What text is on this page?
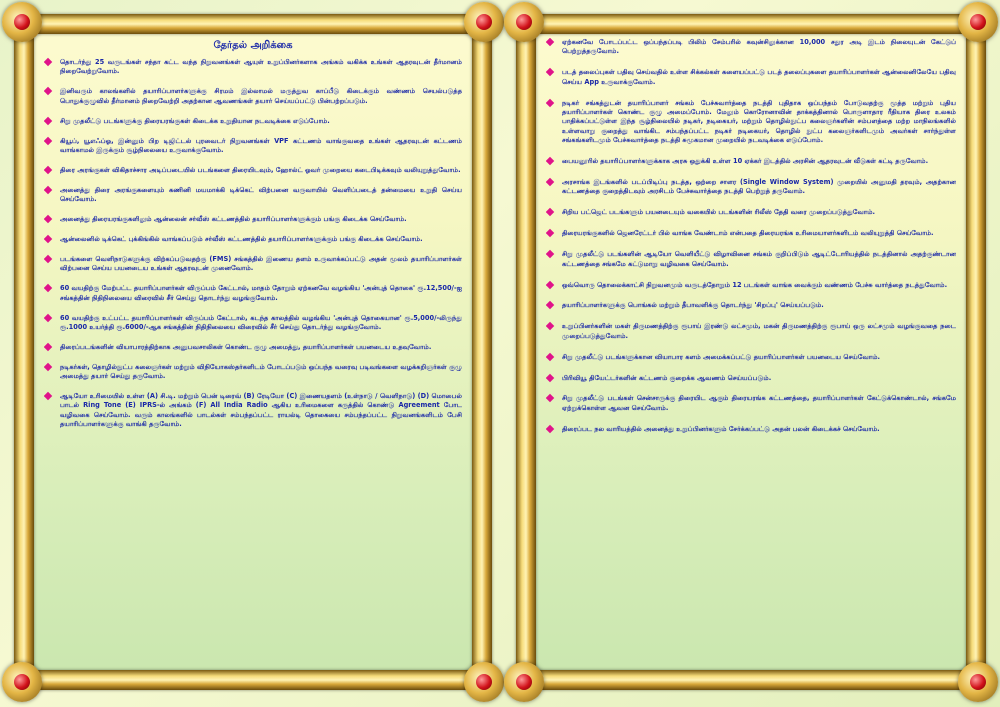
தேர்தல் அறிக்கை
தொடர்ந்து 25 வருடங்கள் சந்தா கட்ட வந்த நிறுவனங்கள் ஆயுள் உறுப்பினர்களாக அங்கம் வகிக்க உங்கள் ஆதரவுடன் தீர்மானம் நிறைவேற்றுவோம்.
இனிவரும் காலங்களில் தயாரிப்பாளர்களுக்கு சிரமம் இல்லாமல் மருத்துவ காப்பீடு கிடைக்கும் வண்ணம் செயல்படுத்த பொதுக்குழுவில் தீர்மானம் நிறைவேற்றி அதற்கான ஆவணங்கள் தயார் செய்யப்பட்டு பின்பற்றப்படும்.
சிறு முதலீட்டு படங்களுக்கு திரையரங்குகள் கிடைக்க உறுதியான நடவடிக்கை எடுப்போம்.
கியூப், யூஎஃப்ஓ, இன்னும் பிற டிஜிட்டல் புரவைடர் நிறுவனங்கள் VPF கட்டணம் வாங்குவதை உங்கள் ஆதரவுடன் கட்டணம் வாங்காமல் இருக்கும் சூழ்நிலையை உருவாக்குவோம்.
திரை அரங்குகள் விகிதாச்சார அடிப்படையில் படங்களை திரையிடவும், ஹோல்ட் ஓவர் முறையை கடைபிடிக்கவும் வலியுறுத்துவோம்.
அனைத்து திரை அரங்குகளையும் கணினி மயமாக்கி டிக்கெட் விற்பனை வருவாயில் வெளிப்படைத் தன்மையை உறுதி செய்ய செய்வோம்.
அனைத்து திரையரங்குகளிலும் ஆன்லைன் சர்வீஸ் கட்டணத்தில் தயாரிப்பாளர்களுக்கும் பங்கு கிடைக்க செய்வோம்.
ஆன்லைனில் டிக்கெட் புக்கிங்கில் வாங்கப்படும் சர்வீஸ் கட்டணத்தில் தயாரிப்பாளர்களுக்கும் பங்கு கிடைக்க செய்வோம்.
படங்களை வெளிநாடுகளுக்கு விற்கப்படுவதற்கு (FMS) சங்கத்தில் இணைய தளம் உருவாக்கப்பட்டு அதன் மூலம் தயாரிப்பாளர்கள் விற்பனை செய்ய பயனடைய உங்கள் ஆதரவுடன் முனைவோம்.
60 வயதிற்கு மேற்பட்ட தயாரிப்பாளர்கள் விருப்பம் கேட்டால், மாதம் தோறும் ஏற்கனவே வழங்கிய 'அன்புத் தொகை' ரூ.12,500/-ஐ சங்கத்தின் நிதிநிலையை விரைவில் சீர் செய்து தொடர்ந்து வழங்குவோம்.
60 வயதிற்கு உட்பட்ட தயாரிப்பாளர்கள் விருப்பம் கேட்டால், கடந்த காலத்தில் வழங்கிய 'அன்புத் தொகையான' ரூ.5,000/-லிருந்து ரூ.1000 உயர்த்தி ரூ.6000/-ஆக சங்கத்தின் நிதிநிலையை விரைவில் சீர் செய்து தொடர்ந்து வழங்குவோம்.
திரைப்படங்களின் வியாபாரத்திற்காக அனுபவசாலிகள் கொண்ட குழு அமைத்து, தயாரிப்பாளர்கள் பயனடைய உதவுவோம்.
நடிகர்கள், தொழில்நுட்ப கலைஞர்கள் மற்றும் விநியோகஸ்தர்களிடம் போடப்படும் ஒப்பந்த வரைவு படிவங்களை வழக்கறிஞர்கள் குழு அமைத்து தயார் செய்து தருவோம்.
ஆடியோ உரிமையில் உள்ள (A) சி.டி. மற்றும் பென் டிரைவ் (B) ரேடியோ (C) இணையதளம் (உள்நாடு / வெளிநாடு) (D) மொபைல் பாடல் Ring Tone (E) IPRS-ல் அங்கம் (F) All India Radio ஆகிய உரிமைகளை கருத்தில் கொண்டு Agreement போட வழிவகை செய்வோம். வரும் காலங்களில் பாடல்கள் சம்பந்தப்பட்ட ராயல்டி தொகையை சம்பந்தப்பட்ட நிறுவனங்களிடம் பேசி தயாரிப்பாளர்களுக்கு வாங்கி தருவோம்.
ஏற்கனவே போடப்பட்ட ஒப்பந்தப்படி பிலிம் சேம்பரில் கவுன்சிலுக்கான 10,000 சதுர அடி இடம் நிலையுடன் கேட்டுப் பெற்றுத்தருவோம்.
படத் தலைப்புகள் பதிவு செய்வதில் உள்ள சிக்கல்கள் களையப்பட்டு படத் தலைப்புகளை தயாரிப்பாளர்கள் ஆன்லைனிலேயே பதிவு செய்ய App உருவாக்குவோம்.
நடிகர் சங்கத்துடன் தயாரிப்பாளர் சங்கம் பேச்சுவார்த்தை நடத்தி புதிதாக ஒப்பந்தம் போடுவதற்கு மூத்த மற்றும் புதிய தயாரிப்பாளர்கள் கொண்ட குழு அமைப்போம். மேலும் கொரோனாவின் தாக்கத்தினால் பொருளாதார ரீதியாக திரை உலகம் பாதிக்கப்பட்டுள்ள இந்த சூழ்நிலையில் நடிகர், நடிகையர், மற்றும் தொழில்நுட்ப கலைஞர்களின் சம்பளத்தை மற்ற மாநிலங்களில் உள்ளவாறு குறைத்து வாங்கிட சம்பந்தப்பட்ட நடிகர் நடிகையர், தொழில் நுட்ப கலைஞர்களிடமும் அவர்கள் சார்ந்துள்ள சங்கங்களிடமும் பேச்சுவார்த்தை நடத்தி சுமூகமான முறையில் நடவடிக்கை எடுப்போம்.
பையனூரில் தயாரிப்பாளர்களுக்காக அரசு ஒதுக்கி உள்ள 10 ஏக்கர் இடத்தில் அரசின் ஆதரவுடன் வீடுகள் கட்டி தருவோம்.
அரசாங்க இடங்களில் படப்பிடிப்பு நடத்த, ஒற்றை சாளர (Single Window System) முறையில் அனுமதி தரவும், அதற்கான கட்டணத்தை குறைத்திடவும் அரசிடம் பேச்சுவார்த்தை நடத்தி பெற்றுத் தருவோம்.
சிறிய பட்ஜெட் படங்களும் பயனடையும் வகையில் படங்களின் ரிலீஸ் தேதி வரை முறைப்படுத்துவோம்.
திரையரங்குகளில் ஜெனரேட்டர் பில் வாங்க வேண்டாம் என்பதை திரையரங்க உரிமையாளர்களிடம் வலியுறுத்தி செய்வோம்.
சிறு முதலீட்டு படங்களின் ஆடியோ வெளியீட்டு விழாவினை சங்கம் குறிப்பிடும் ஆடிட்டோரியத்தில் நடத்தினால் அதற்குண்டான கட்டணத்தை சங்கமே கட்டுமாறு வழிவகை செய்வோம்.
ஒவ்வொரு தொலைக்காட்சி நிறுவனமும் வருடத்தோறும் 12 படங்கள் வாங்க வைக்கும் வண்ணம் பேச்சு வார்த்தை நடத்துவோம்.
தயாரிப்பாளர்களுக்கு பொங்கல் மற்றும் தீபாவளிக்கு தொடர்ந்து 'சிறப்பு' செய்யப்படும்.
உறுப்பினர்களின் மகள் திருமணத்திற்கு ரூபாய் இரண்டு லட்சமும், மகன் திருமணத்திற்கு ரூபாய் ஒரு லட்சமும் வழங்குவதை நடை முறைப்படுத்துவோம்.
சிறு முதலீட்டு படங்களுக்கான வியாபார களம் அமைக்கப்பட்டு தயாரிப்பாளர்கள் பயனடைய செய்வோம்.
பிரிவியூ தியேட்டர்களின் கட்டணம் குறைக்க ஆவணம் செய்யப்படும்.
சிறு முதலீட்டு படங்கள் சென்சாருக்கு திரையிட ஆகும் திரையரங்க கட்டணத்தை, தயாரிப்பாளர்கள் கேட்டுக்கொண்டால், சங்கமே ஏற்றுக்கொள்ள ஆவன செய்வோம்.
திரைப்பட நல வாரியத்தில் அனைத்து உறுப்பினர்களும் சேர்க்கப்பட்டு அதன் பலன் கிடைக்கச் செய்வோம்.
